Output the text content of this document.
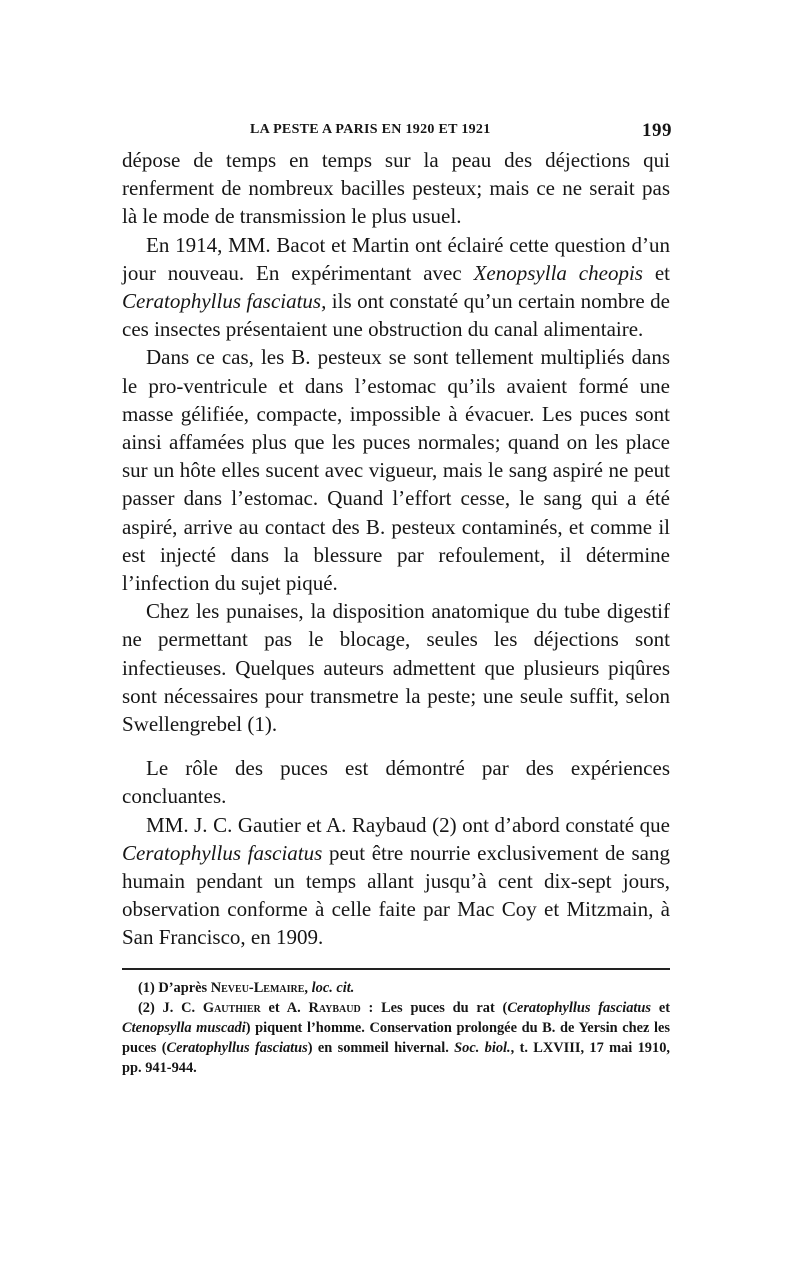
LA PESTE A PARIS EN 1920 ET 1921	199

dépose de temps en temps sur la peau des déjections qui renferment de nombreux bacilles pesteux; mais ce ne serait pas là le mode de transmission le plus usuel.

En 1914, MM. Bacot et Martin ont éclairé cette question d’un jour nouveau. En expérimentant avec Xenopsylla cheopis et Ceratophyllus fasciatus, ils ont constaté qu’un certain nombre de ces insectes présentaient une obstruction du canal alimentaire.

Dans ce cas, les B. pesteux se sont tellement multipliés dans le pro-ventricule et dans l’estomac qu’ils avaient formé une masse gélifiée, compacte, impossible à évacuer. Les puces sont ainsi affamées plus que les puces normales; quand on les place sur un hôte elles sucent avec vigueur, mais le sang aspiré ne peut passer dans l’estomac. Quand l’effort cesse, le sang qui a été aspiré, arrive au contact des B. pesteux contaminés, et comme il est injecté dans la blessure par refoulement, il détermine l’infection du sujet piqué.

Chez les punaises, la disposition anatomique du tube digestif ne permettant pas le blocage, seules les déjections sont infectieuses. Quelques auteurs admettent que plusieurs piqûres sont nécessaires pour transmetre la peste; une seule suffit, selon Swellengrebel (1).

Le rôle des puces est démontré par des expériences concluantes.

MM. J. C. Gautier et A. Raybaud (2) ont d’abord constaté que Ceratophyllus fasciatus peut être nourrie exclusivement de sang humain pendant un temps allant jusqu’à cent dix-sept jours, observation conforme à celle faite par Mac Coy et Mitzmain, à San Francisco, en 1909.

(1) D’après Neveu-Lemaire, loc. cit.

(2) J. C. Gauthier et A. Raybaud : Les puces du rat (Ceratophyllus fasciatus et Ctenopsylla muscadi) piquent l’homme. Conservation prolongée du B. de Yersin chez les puces (Ceratophyllus fasciatus) en sommeil hivernal. Soc. biol., t. LXVIII, 17 mai 1910, pp. 941-944.
